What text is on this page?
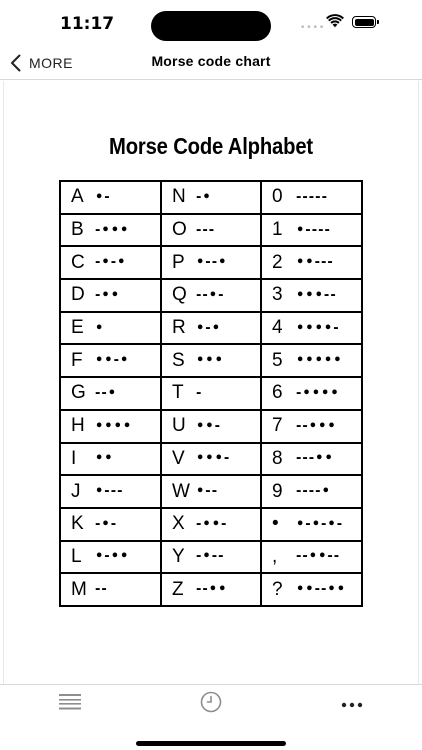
11:17	••••
MORE	Morse code chart
Morse Code Alphabet
A •-	N -•	0 -----

B -•••	O ---	1 •----

C -•-•	P •--•	2 ••---

D -••	Q --•-	3 •••--

E •	R •-•	4 ••••-

F ••-•	S •••	5 •••••

G --•	T -	6 -••••

H ••••	U ••-	7 --•••

I ••	V •••-	8 ---••

J •---	W •--	9 ----•

K -•-	X -••-	• •-•-•-

L •-••	Y -•--	, --••--

M --	Z --••	? ••--••
